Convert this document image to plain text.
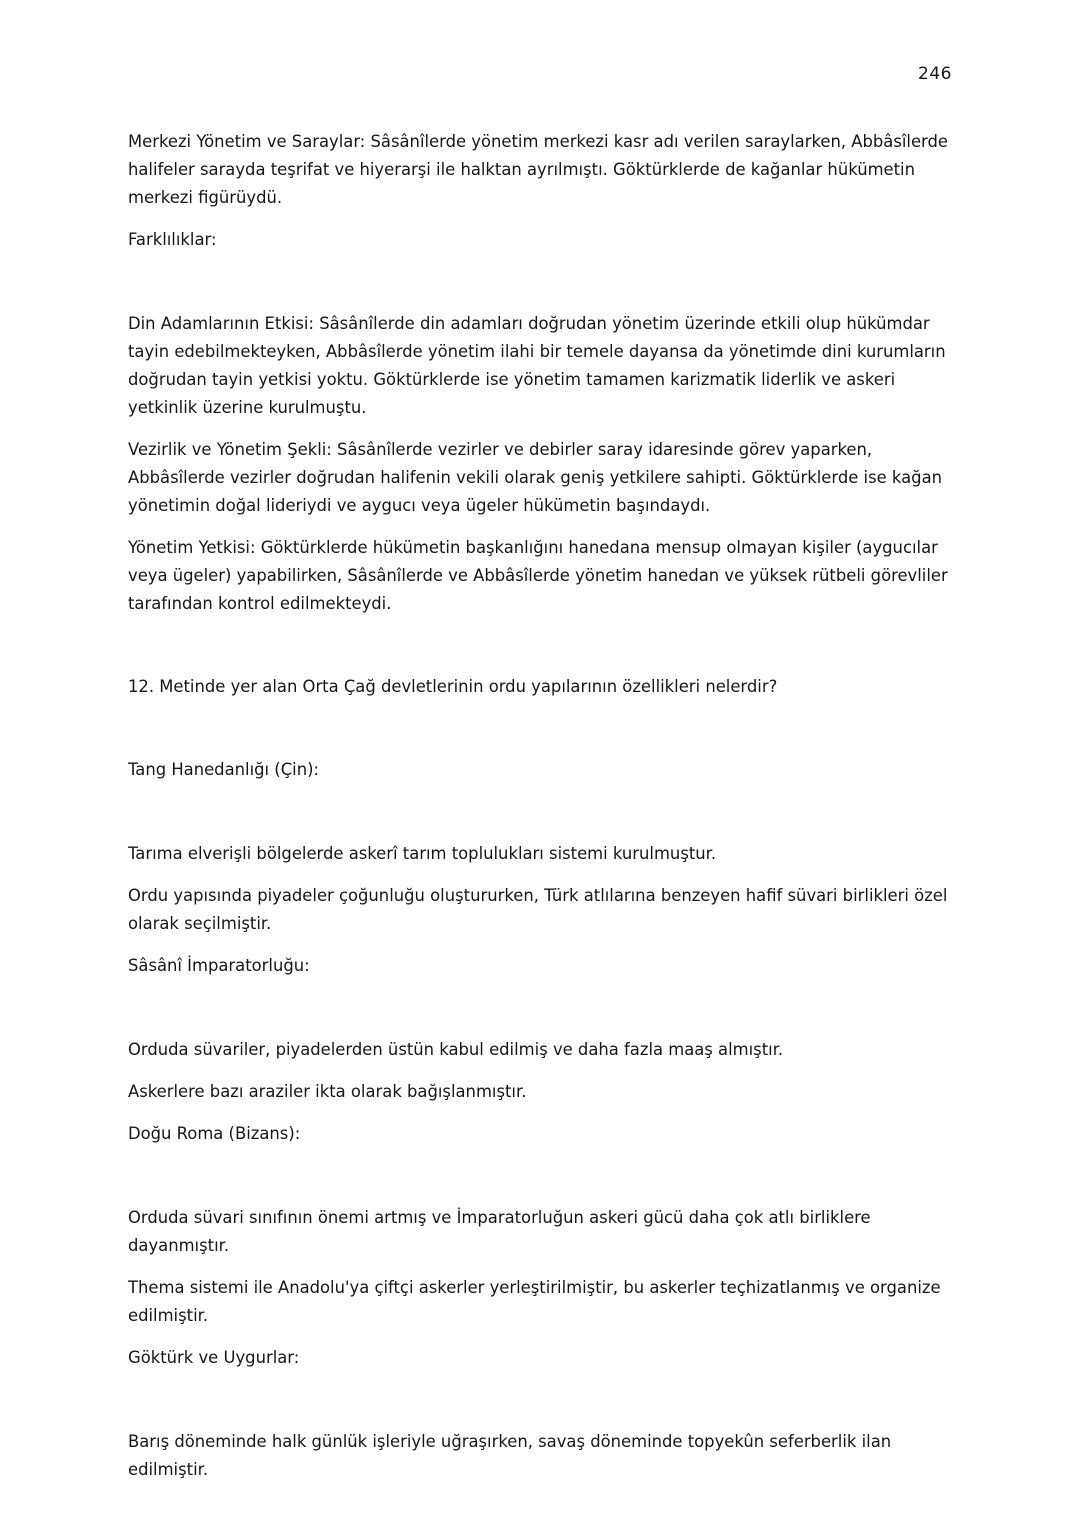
246

Merkezi Yönetim ve Saraylar: Sâsânîlerde yönetim merkezi kasr adı verilen saraylarken, Abbâsîlerde halifeler sarayda teşrifat ve hiyerarşi ile halktan ayrılmıştı. Göktürklerde de kağanlar hükümetin merkezi figürüydü.

Farklılıklar:

Din Adamlarının Etkisi: Sâsânîlerde din adamları doğrudan yönetim üzerinde etkili olup hükümdar tayin edebilmekteyken, Abbâsîlerde yönetim ilahi bir temele dayansa da yönetimde dini kurumların doğrudan tayin yetkisi yoktu. Göktürklerde ise yönetim tamamen karizmatik liderlik ve askeri yetkinlik üzerine kurulmuştu.

Vezirlik ve Yönetim Şekli: Sâsânîlerde vezirler ve debirler saray idaresinde görev yaparken, Abbâsîlerde vezirler doğrudan halifenin vekili olarak geniş yetkilere sahipti. Göktürklerde ise kağan yönetimin doğal lideriydi ve aygucı veya ügeler hükümetin başındaydı.

Yönetim Yetkisi: Göktürklerde hükümetin başkanlığını hanedana mensup olmayan kişiler (aygucılar veya ügeler) yapabilirken, Sâsânîlerde ve Abbâsîlerde yönetim hanedan ve yüksek rütbeli görevliler tarafından kontrol edilmekteydi.

12. Metinde yer alan Orta Çağ devletlerinin ordu yapılarının özellikleri nelerdir?

Tang Hanedanlığı (Çin):

Tarıma elverişli bölgelerde askerî tarım toplulukları sistemi kurulmuştur.

Ordu yapısında piyadeler çoğunluğu oluştururken, Türk atlılarına benzeyen hafif süvari birlikleri özel olarak seçilmiştir.

Sâsânî İmparatorluğu:

Orduda süvariler, piyadelerden üstün kabul edilmiş ve daha fazla maaş almıştır.

Askerlere bazı araziler ikta olarak bağışlanmıştır.

Doğu Roma (Bizans):

Orduda süvari sınıfının önemi artmış ve İmparatorluğun askeri gücü daha çok atlı birliklere dayanmıştır.

Thema sistemi ile Anadolu'ya çiftçi askerler yerleştirilmiştir, bu askerler teçhizatlanmış ve organize edilmiştir.

Göktürk ve Uygurlar:

Barış döneminde halk günlük işleriyle uğraşırken, savaş döneminde topyekûn seferberlik ilan edilmiştir.
